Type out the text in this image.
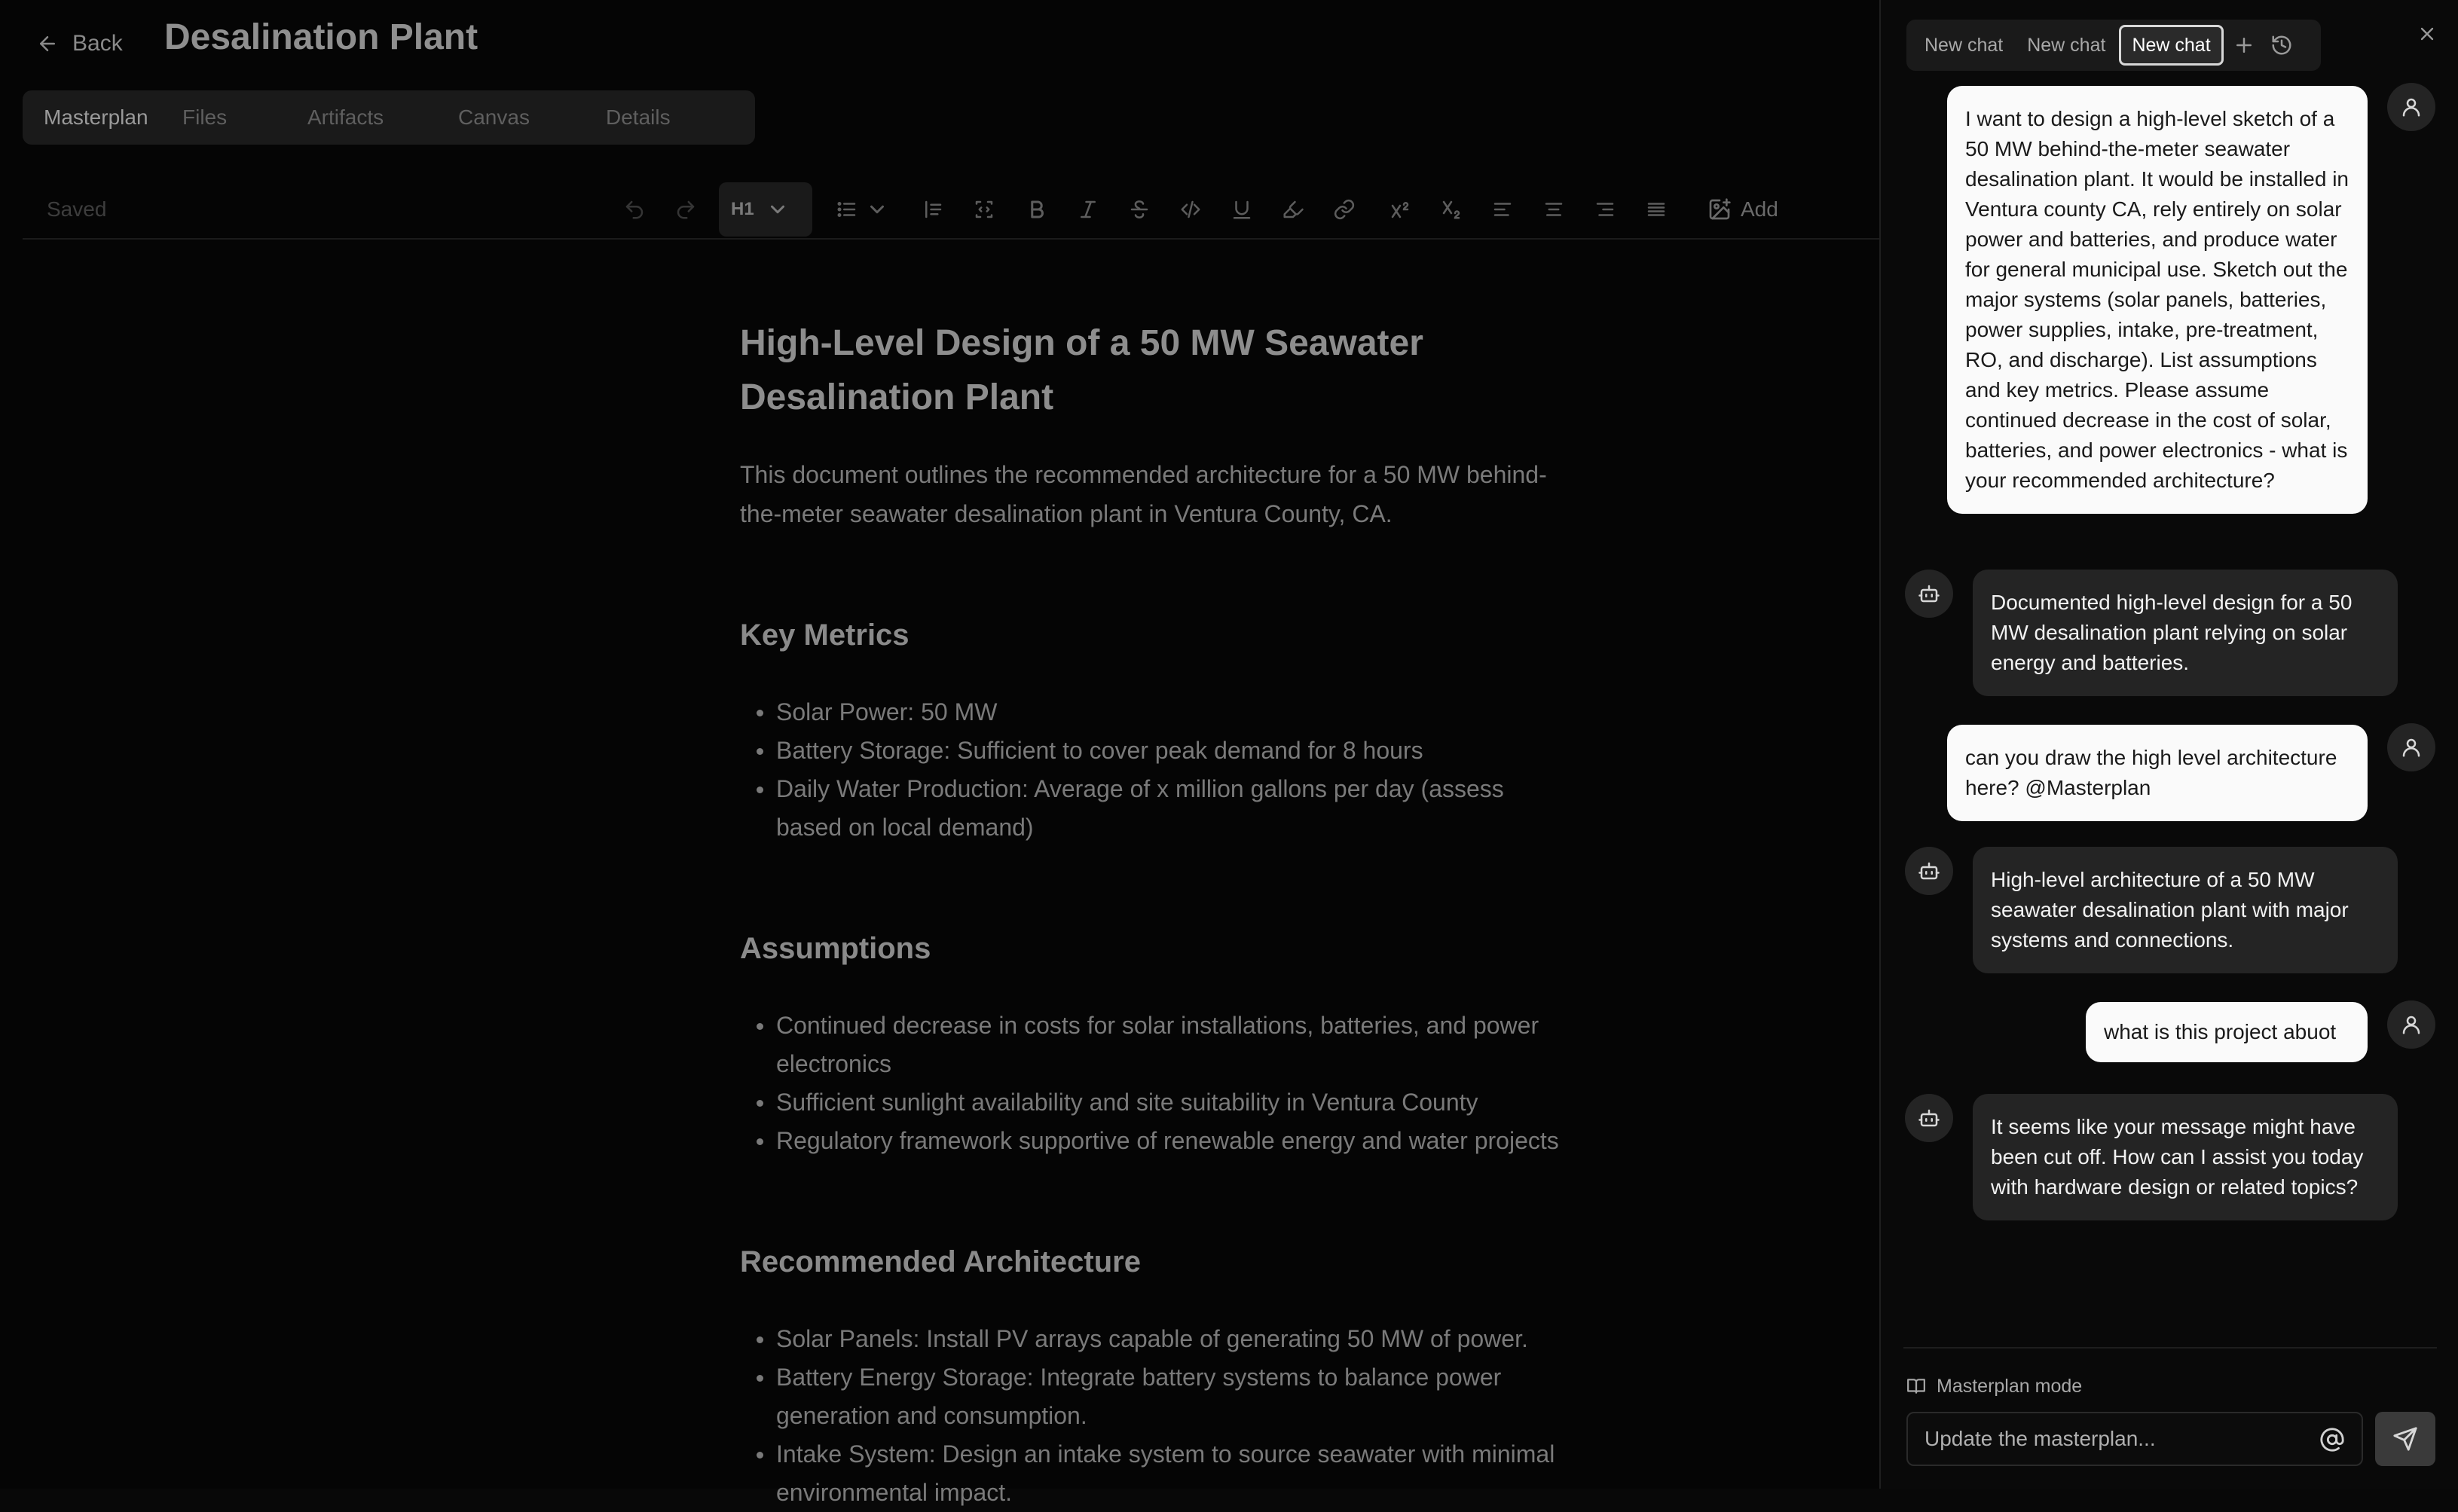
Back Desalination Plant
Masterplan	Files	Artifacts	Canvas	Details
Saved	H1	Add
High-Level Design of a 50 MW Seawater Desalination Plant

This document outlines the recommended architecture for a 50 MW behind-the-meter seawater desalination plant in Ventura County, CA.

Key Metrics
Solar Power: 50 MW
Battery Storage: Sufficient to cover peak demand for 8 hours
Daily Water Production: Average of x million gallons per day (assess based on local demand)
Assumptions
Continued decrease in costs for solar installations, batteries, and power electronics
Sufficient sunlight availability and site suitability in Ventura County
Regulatory framework supportive of renewable energy and water projects
Recommended Architecture
Solar Panels: Install PV arrays capable of generating 50 MW of power.
Battery Energy Storage: Integrate battery systems to balance power generation and consumption.
Intake System: Design an intake system to source seawater with minimal environmental impact.
New chat	New chat	New chat
I want to design a high-level sketch of a 50 MW behind-the-meter seawater desalination plant. It would be installed in Ventura county CA, rely entirely on solar power and batteries, and produce water for general municipal use. Sketch out the major systems (solar panels, batteries, power supplies, intake, pre-treatment, RO, and discharge). List assumptions and key metrics. Please assume continued decrease in the cost of solar, batteries, and power electronics - what is your recommended architecture?
Documented high-level design for a 50 MW desalination plant relying on solar energy and batteries.
can you draw the high level architecture here? @Masterplan
High-level architecture of a 50 MW seawater desalination plant with major systems and connections.
what is this project abuot
It seems like your message might have been cut off. How can I assist you today with hardware design or related topics?
Masterplan mode
Update the masterplan...
